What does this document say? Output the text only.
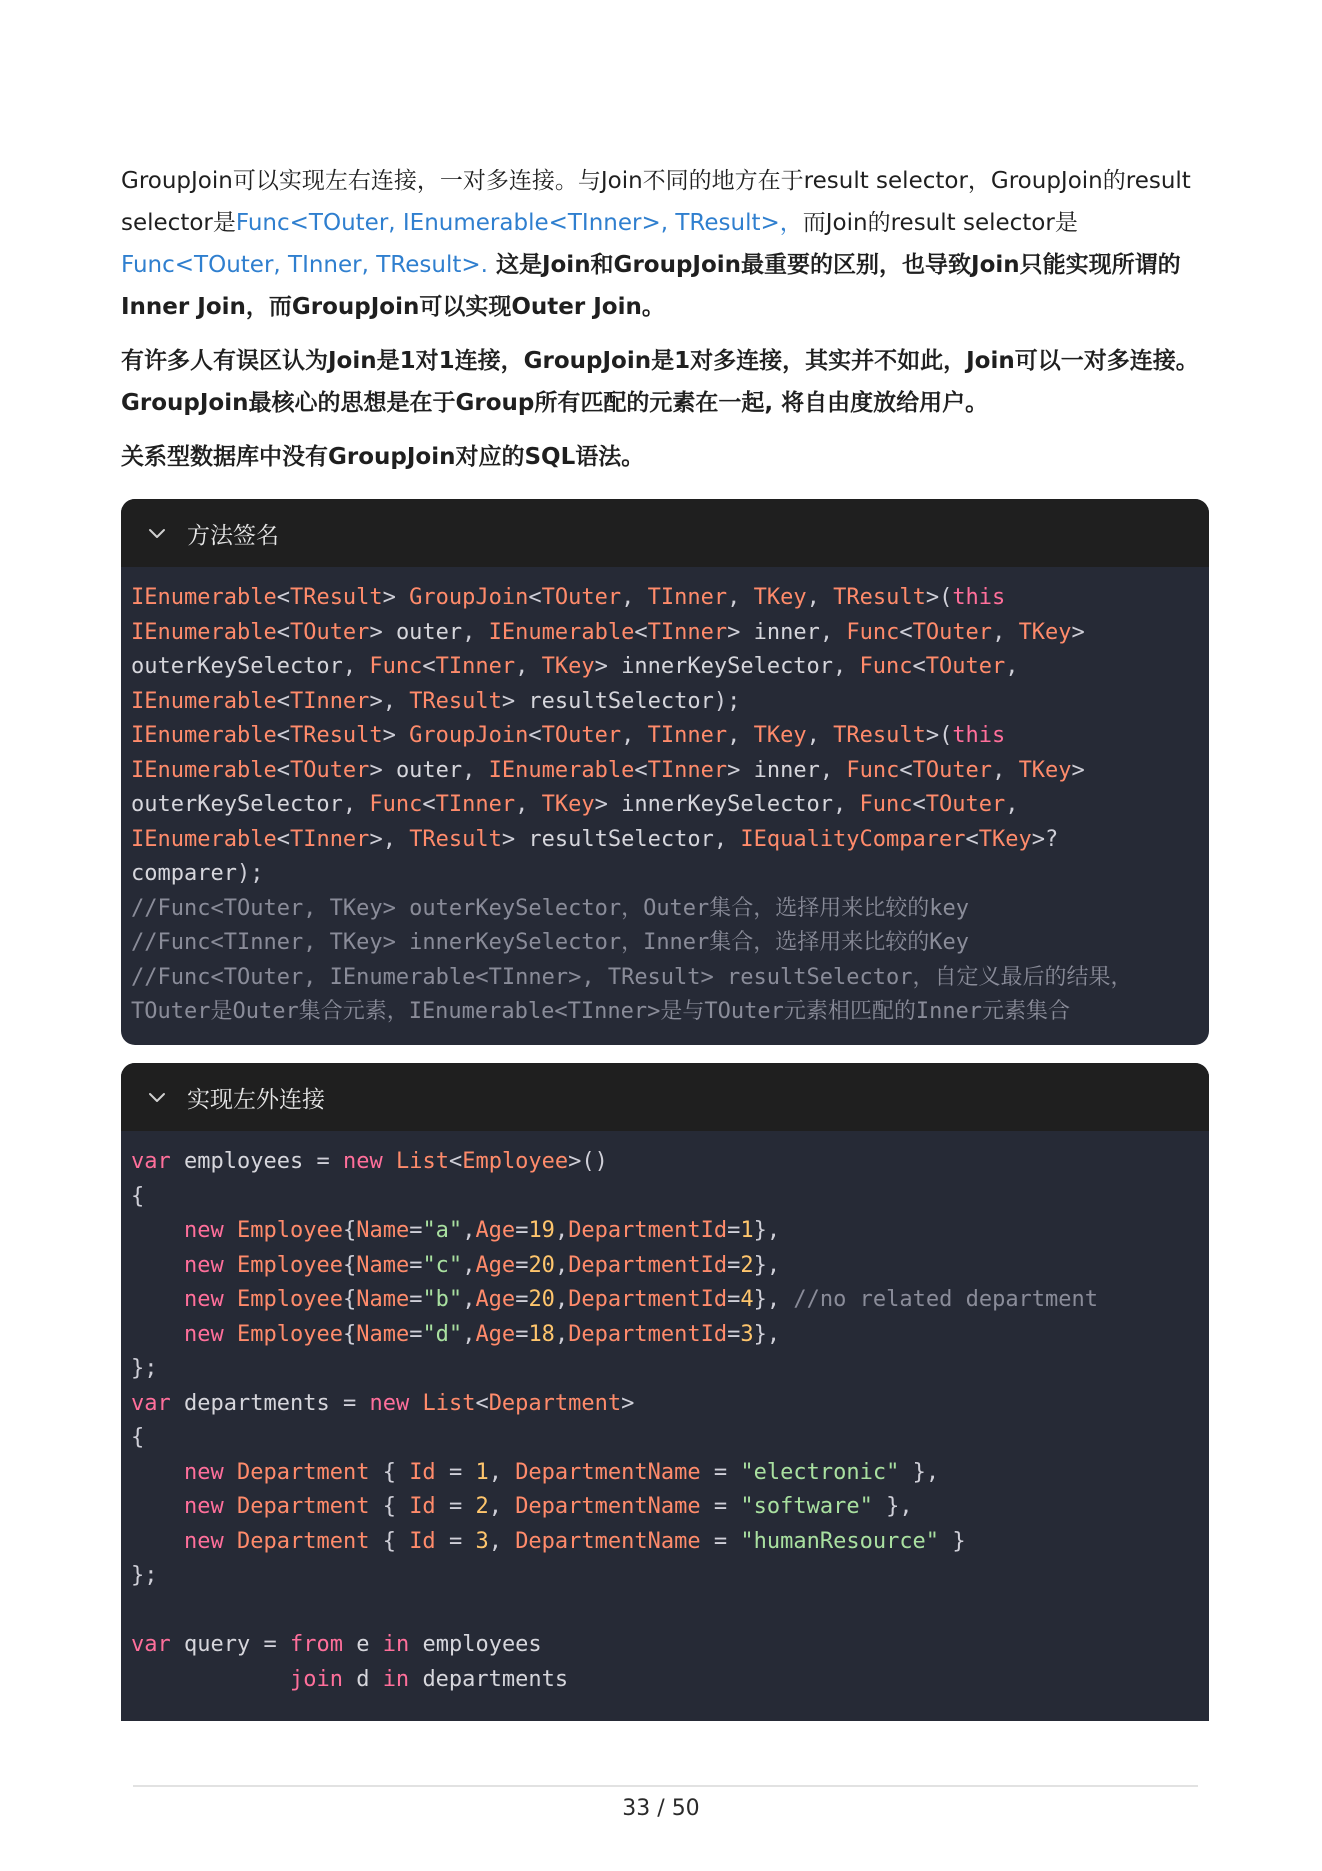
GroupJoin可以实现左右连接，一对多连接。与Join不同的地方在于result selector，GroupJoin的result selector是Func<TOuter, IEnumerable<TInner>, TResult>，而Join的result selector是Func<TOuter, TInner, TResult>. 这是Join和GroupJoin最重要的区别，也导致Join只能实现所谓的Inner Join，而GroupJoin可以实现Outer Join。

有许多人有误区认为Join是1对1连接，GroupJoin是1对多连接，其实并不如此，Join可以一对多连接。GroupJoin最核心的思想是在于Group所有匹配的元素在一起, 将自由度放给用户。

关系型数据库中没有GroupJoin对应的SQL语法。

方法签名
IEnumerable<TResult> GroupJoin<TOuter, TInner, TKey, TResult>(this
IEnumerable<TOuter> outer, IEnumerable<TInner> inner, Func<TOuter, TKey>
outerKeySelector, Func<TInner, TKey> innerKeySelector, Func<TOuter,
IEnumerable<TInner>, TResult> resultSelector);
IEnumerable<TResult> GroupJoin<TOuter, TInner, TKey, TResult>(this
IEnumerable<TOuter> outer, IEnumerable<TInner> inner, Func<TOuter, TKey>
outerKeySelector, Func<TInner, TKey> innerKeySelector, Func<TOuter,
IEnumerable<TInner>, TResult> resultSelector, IEqualityComparer<TKey>?
comparer);
//Func<TOuter, TKey> outerKeySelector，Outer集合，选择用来比较的key
//Func<TInner, TKey> innerKeySelector，Inner集合，选择用来比较的Key
//Func<TOuter, IEnumerable<TInner>, TResult> resultSelector，自定义最后的结果，
TOuter是Outer集合元素，IEnumerable<TInner>是与TOuter元素相匹配的Inner元素集合
实现左外连接
var employees = new List<Employee>()
{
new Employee{Name="a",Age=19,DepartmentId=1},
new Employee{Name="c",Age=20,DepartmentId=2},
new Employee{Name="b",Age=20,DepartmentId=4}, //no related department
new Employee{Name="d",Age=18,DepartmentId=3},
};
var departments = new List<Department>
{
new Department { Id = 1, DepartmentName = "electronic" },
new Department { Id = 2, DepartmentName = "software" },
new Department { Id = 3, DepartmentName = "humanResource" }
};

var query = from e in employees
join d in departments
33 / 50
